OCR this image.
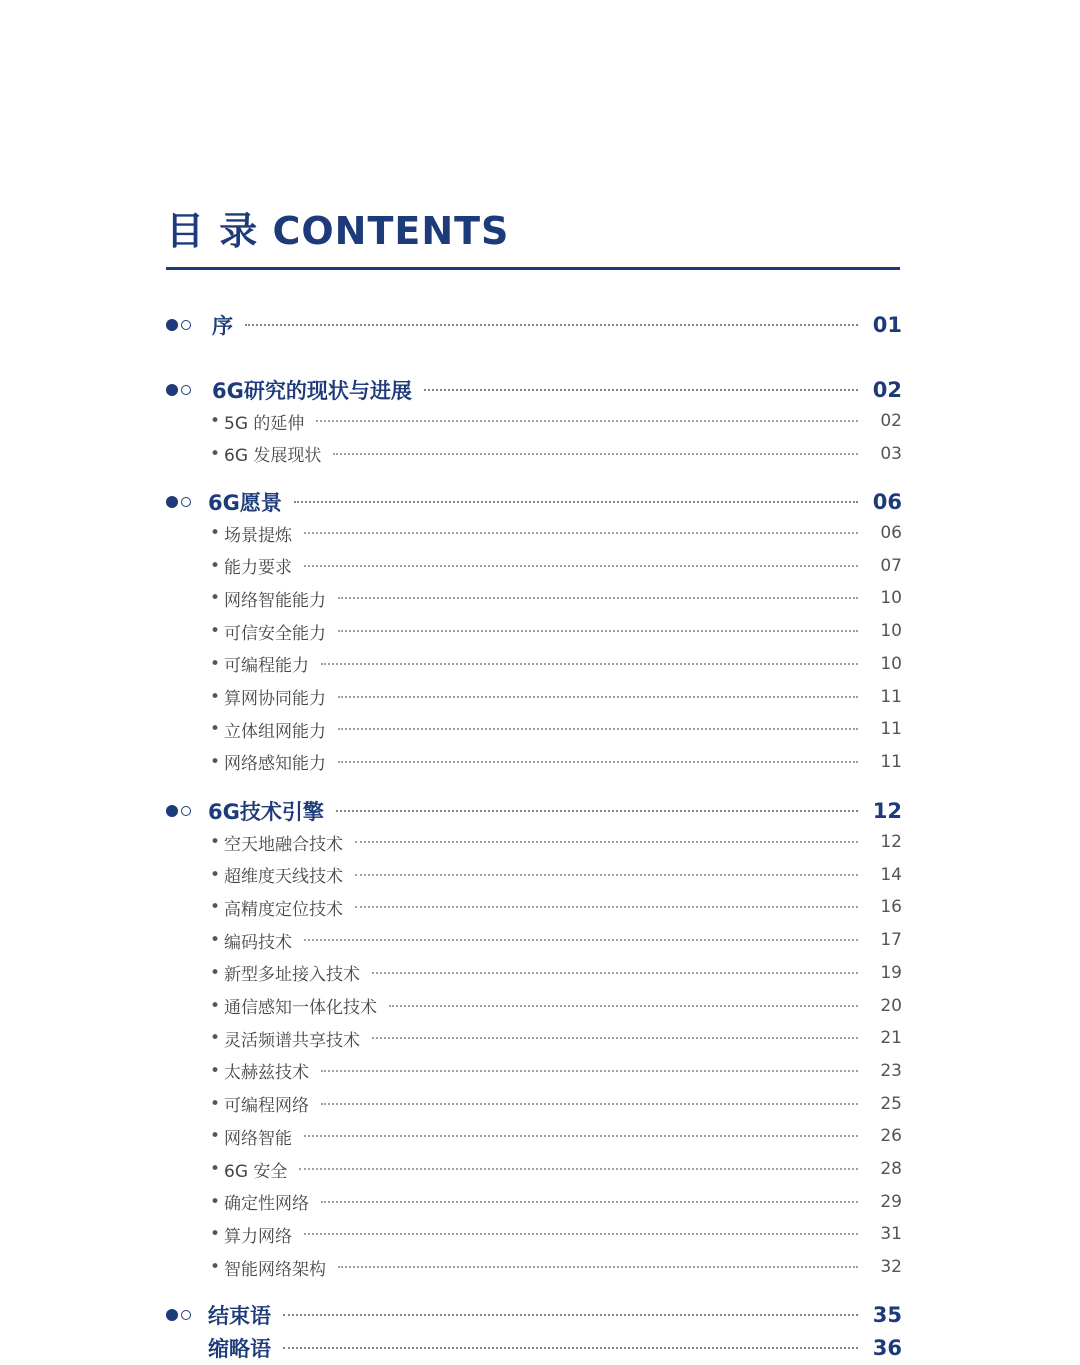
目 录 CONTENTS
序	01
6G研究的现状与进展	02
• 5G 的延伸	02
• 6G 发展现状	03
6G愿景	06
• 场景提炼	06
• 能力要求	07
• 网络智能能力	10
• 可信安全能力	10
• 可编程能力	10
• 算网协同能力	11
• 立体组网能力	11
• 网络感知能力	11
6G技术引擎	12
• 空天地融合技术	12
• 超维度天线技术	14
• 高精度定位技术	16
• 编码技术	17
• 新型多址接入技术	19
• 通信感知一体化技术	20
• 灵活频谱共享技术	21
• 太赫兹技术	23
• 可编程网络	25
• 网络智能	26
• 6G 安全	28
• 确定性网络	29
• 算力网络	31
• 智能网络架构	32
结束语	35
缩略语	36
